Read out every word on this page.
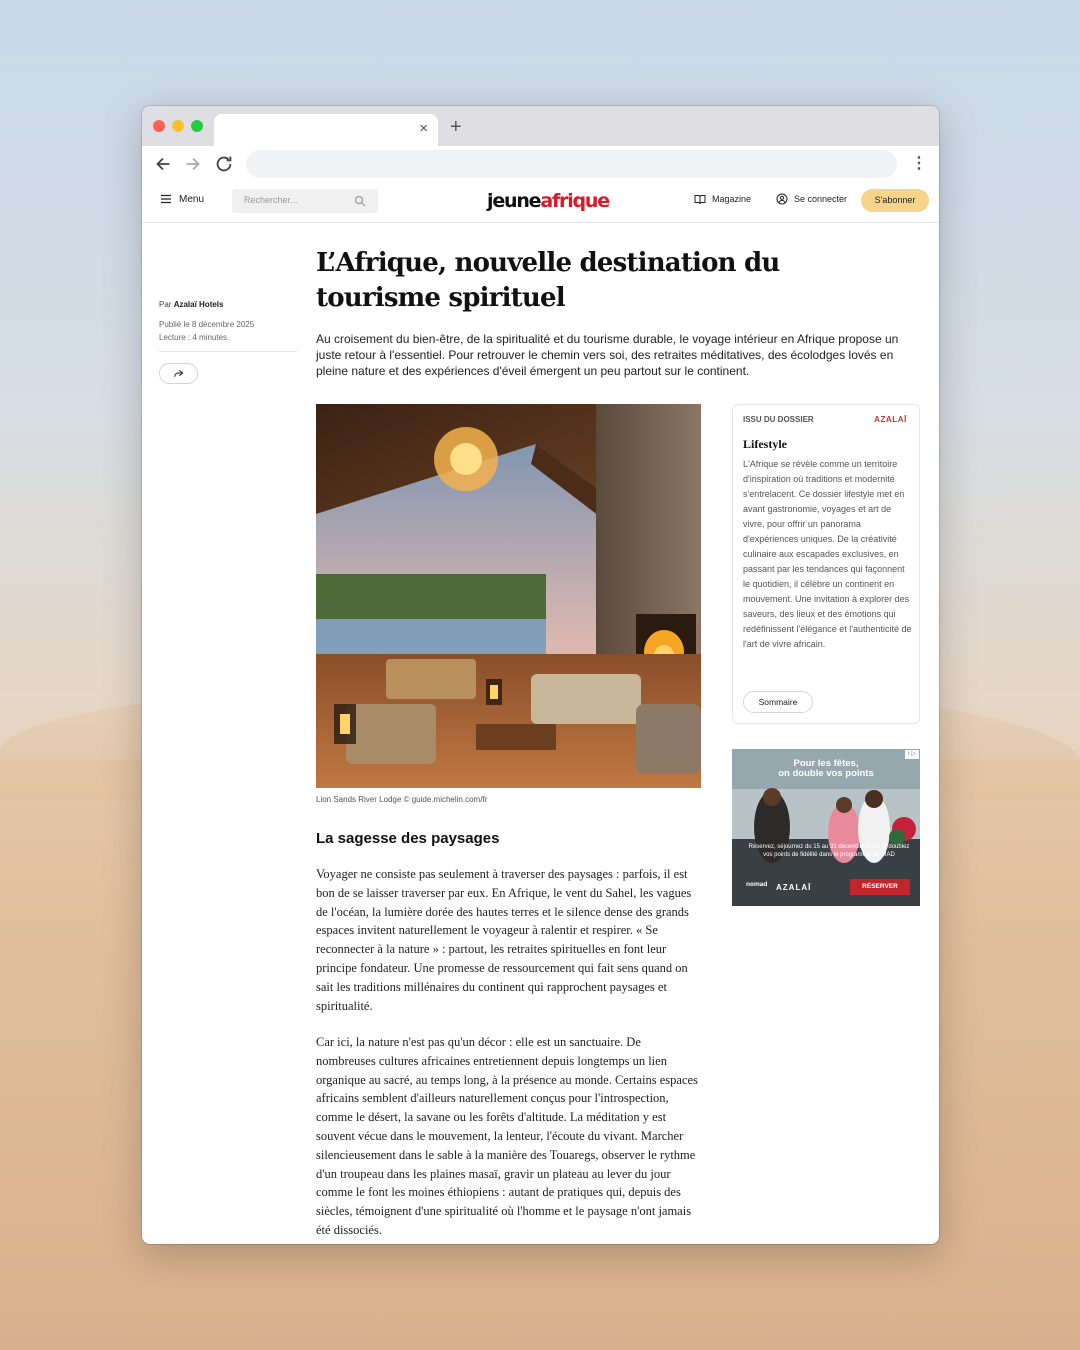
× +
⋮
Menu	Rechercher...	jeuneafrique	Magazine	Se connecter	S'abonner
Par Azalaï Hotels
Publié le 8 décembre 2025
Lecture : 4 minutes.
L’Afrique, nouvelle destination du tourisme spirituel

Au croisement du bien-être, de la spiritualité et du tourisme durable, le voyage intérieur en Afrique propose un juste retour à l'essentiel. Pour retrouver le chemin vers soi, des retraites méditatives, des écolodges lovés en pleine nature et des expériences d'éveil émergent un peu partout sur le continent.

Lion Sands River Lodge © guide.michelin.com/fr
La sagesse des paysages

Voyager ne consiste pas seulement à traverser des paysages : parfois, il est bon de se laisser traverser par eux. En Afrique, le vent du Sahel, les vagues de l'océan, la lumière dorée des hautes terres et le silence dense des grands espaces invitent naturellement le voyageur à ralentir et respirer. « Se reconnecter à la nature » : partout, les retraites spirituelles en font leur principe fondateur. Une promesse de ressourcement qui fait sens quand on sait les traditions millénaires du continent qui rapprochent paysages et spiritualité.

Car ici, la nature n'est pas qu'un décor : elle est un sanctuaire. De nombreuses cultures africaines entretiennent depuis longtemps un lien organique au sacré, au temps long, à la présence au monde. Certains espaces africains semblent d'ailleurs naturellement conçus pour l'introspection, comme le désert, la savane ou les forêts d'altitude. La méditation y est souvent vécue dans le mouvement, la lenteur, l'écoute du vivant. Marcher silencieusement dans le sable à la manière des Touaregs, observer le rythme d'un troupeau dans les plaines masaï, gravir un plateau au lever du jour comme le font les moines éthiopiens : autant de pratiques qui, depuis des siècles, témoignent d'une spiritualité où l'homme et le paysage n'ont jamais été dissociés.

ISSU DU DOSSIER	AZALAÏ
Lifestyle

L'Afrique se révèle comme un territoire d'inspiration où traditions et modernité s'entrelacent. Ce dossier lifestyle met en avant gastronomie, voyages et art de vivre, pour offrir un panorama d'expériences uniques. De la créativité culinaire aux escapades exclusives, en passant par les tendances qui façonnent le quotidien, il célèbre un continent en mouvement. Une invitation à explorer des saveurs, des lieux et des émotions qui redéfinissent l'élégance et l'authenticité de l'art de vivre africain.

Sommaire
Pour les fêtes,
on double vos points
Réservez, séjournez du 15 au 31 décembre 2025 et doublez vos points de fidélité dans le programme NOMAD
nomad AZALAÏ	RÉSERVER
i ▷
